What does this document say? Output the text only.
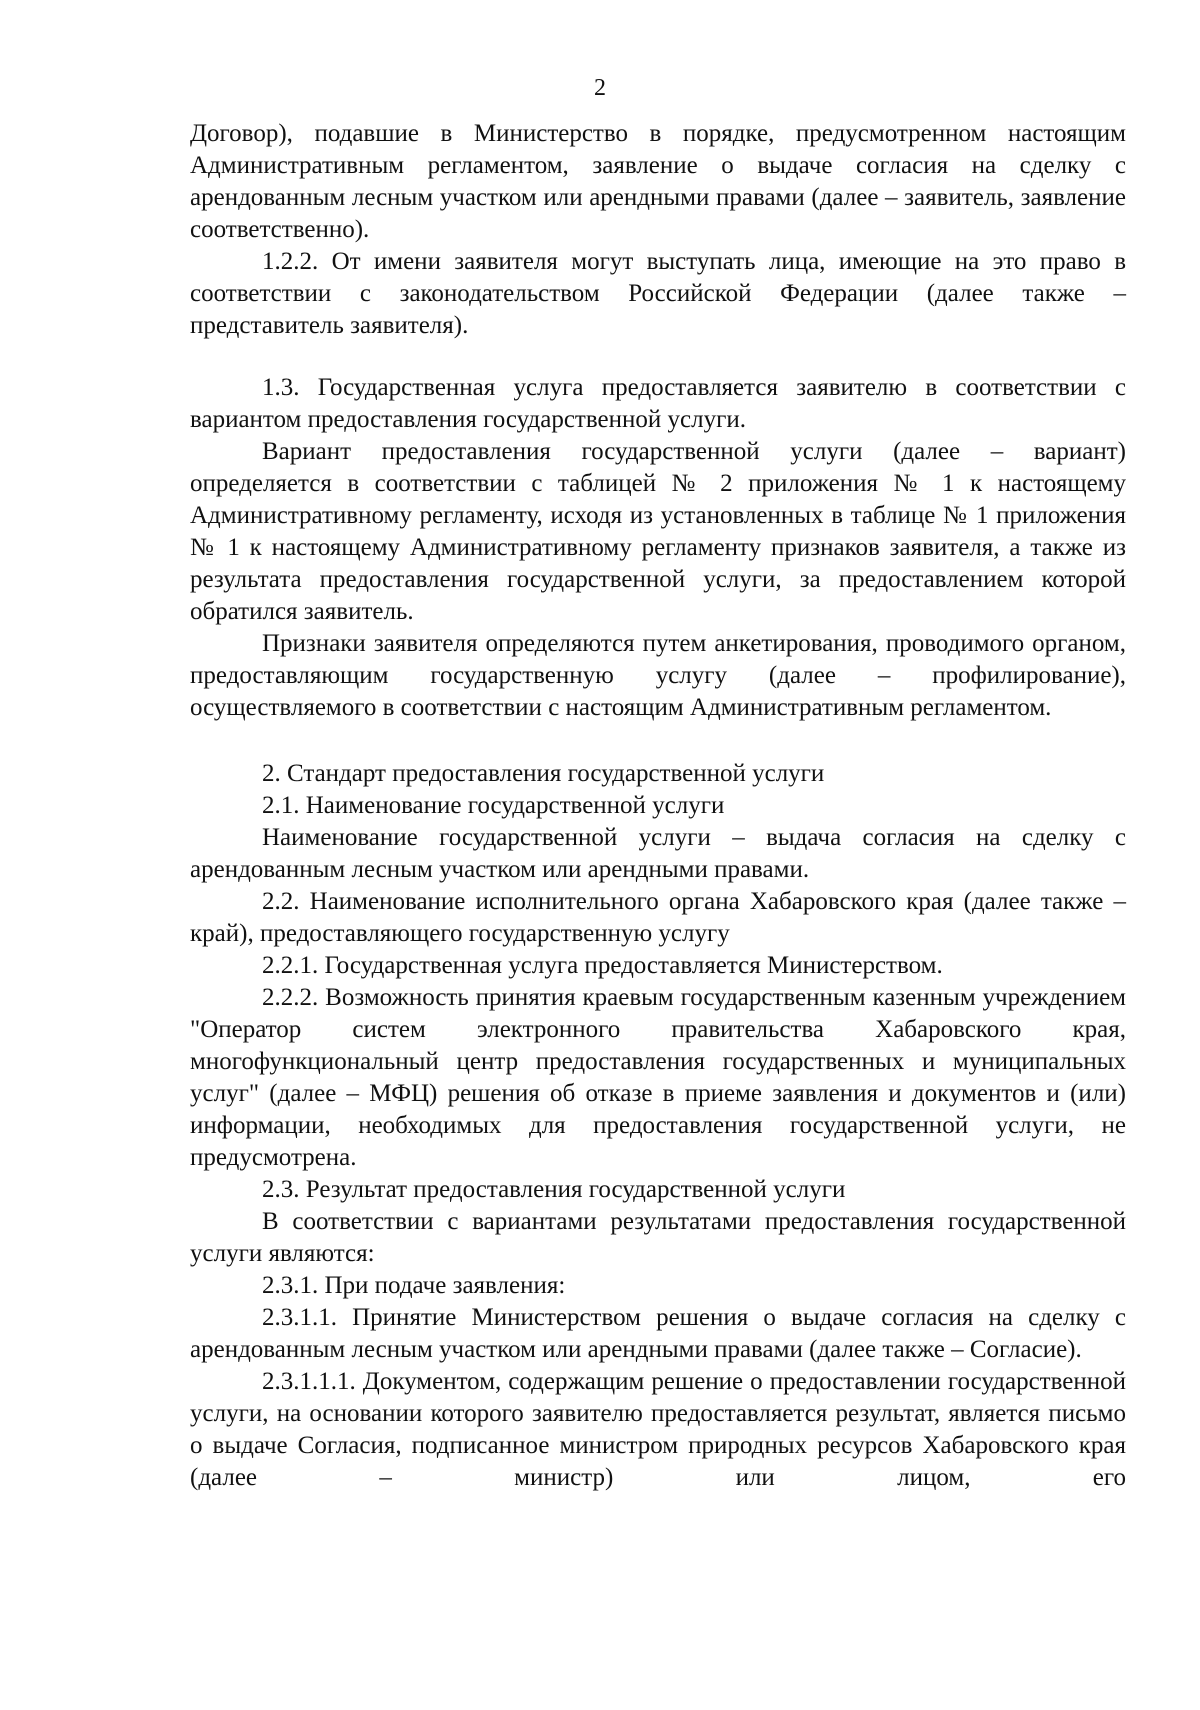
2

Договор), подавшие в Министерство в порядке, предусмотренном настоящим Административным регламентом, заявление о выдаче согласия на сделку с арендованным лесным участком или арендными правами (далее – заявитель, заявление соответственно).

1.2.2. От имени заявителя могут выступать лица, имеющие на это право в соответствии с законодательством Российской Федерации (далее также – представитель заявителя).

1.3. Государственная услуга предоставляется заявителю в соответствии с вариантом предоставления государственной услуги.

Вариант предоставления государственной услуги (далее – вариант) определяется в соответствии с таблицей № 2 приложения № 1 к настоящему Административному регламенту, исходя из установленных в таблице № 1 приложения № 1 к настоящему Административному регламенту признаков заявителя, а также из результата предоставления государственной услуги, за предоставлением которой обратился заявитель.

Признаки заявителя определяются путем анкетирования, проводимого органом, предоставляющим государственную услугу (далее – профилирование), осуществляемого в соответствии с настоящим Административным регламентом.

2. Стандарт предоставления государственной услуги

2.1. Наименование государственной услуги

Наименование государственной услуги – выдача согласия на сделку с арендованным лесным участком или арендными правами.

2.2. Наименование исполнительного органа Хабаровского края (далее также – край), предоставляющего государственную услугу

2.2.1. Государственная услуга предоставляется Министерством.

2.2.2. Возможность принятия краевым государственным казенным учреждением "Оператор систем электронного правительства Хабаровского края, многофункциональный центр предоставления государственных и муниципальных услуг" (далее – МФЦ) решения об отказе в приеме заявления и документов и (или) информации, необходимых для предоставления государственной услуги, не предусмотрена.

2.3. Результат предоставления государственной услуги

В соответствии с вариантами результатами предоставления государственной услуги являются:

2.3.1. При подаче заявления:

2.3.1.1. Принятие Министерством решения о выдаче согласия на сделку с арендованным лесным участком или арендными правами (далее также – Согласие).

2.3.1.1.1. Документом, содержащим решение о предоставлении государственной услуги, на основании которого заявителю предоставляется результат, является письмо о выдаче Согласия, подписанное министром природных ресурсов Хабаровского края (далее – министр) или лицом, его
